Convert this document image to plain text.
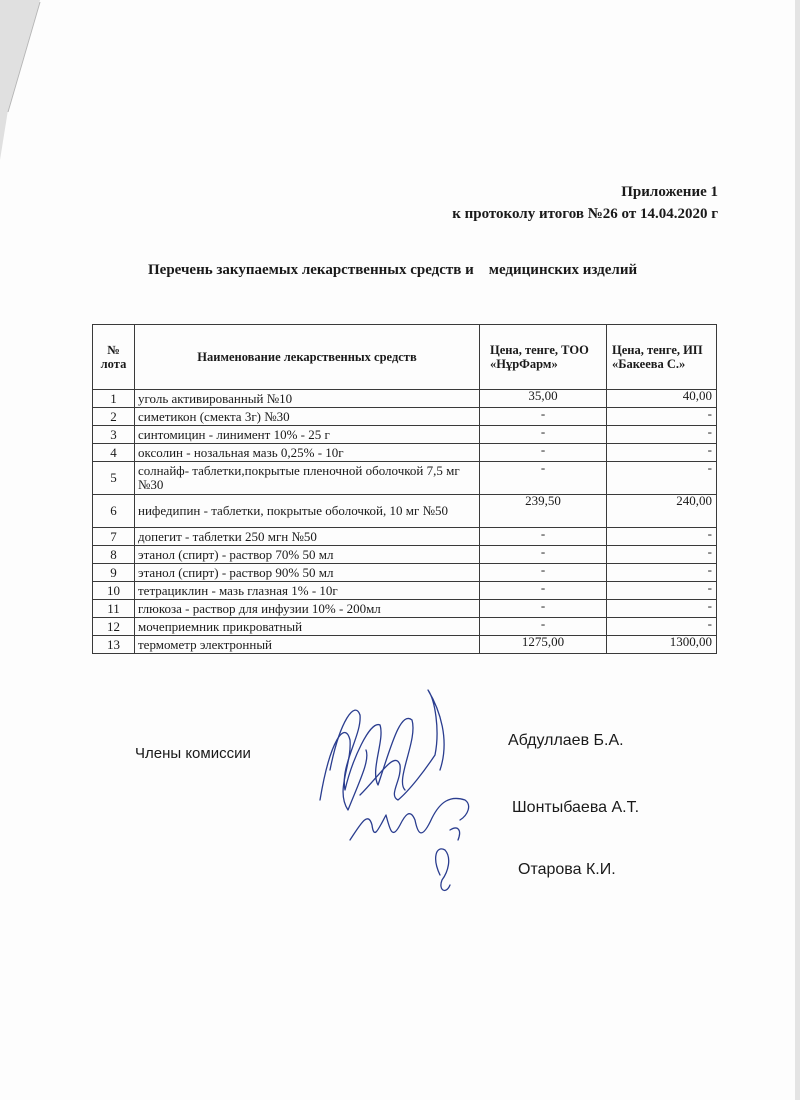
Приложение 1
к протоколу итогов №26 от 14.04.2020 г
Перечень закупаемых лекарственных средств и    медицинских изделий
№ лота	Наименование лекарственных средств	Цена, тенге, ТОО «НұрФарм»	Цена, тенге, ИП «Бакеева С.»
1	уголь активированный №10	35,00	40,00
2	симетикон (смекта 3г) №30	-	-
3	синтомицин - линимент 10% - 25 г	-	-
4	оксолин - нозальная мазь 0,25% - 10г	-	-
5	солнайф- таблетки,покрытые пленочной оболочкой 7,5 мг №30	-	-
6	нифедипин - таблетки, покрытые оболочкой, 10 мг №50	239,50	240,00
7	допегит - таблетки 250 мгн №50	-	-
8	этанол (спирт) - раствор 70% 50 мл	-	-
9	этанол (спирт) - раствор 90% 50 мл	-	-
10	тетрациклин - мазь глазная 1% - 10г	-	-
11	глюкоза - раствор для инфузии 10% - 200мл	-	-
12	мочеприемник прикроватный	-	-
13	термометр электронный	1275,00	1300,00
Члены комиссии
Абдуллаев Б.А.
Шонтыбаева А.Т.
Отарова К.И.
